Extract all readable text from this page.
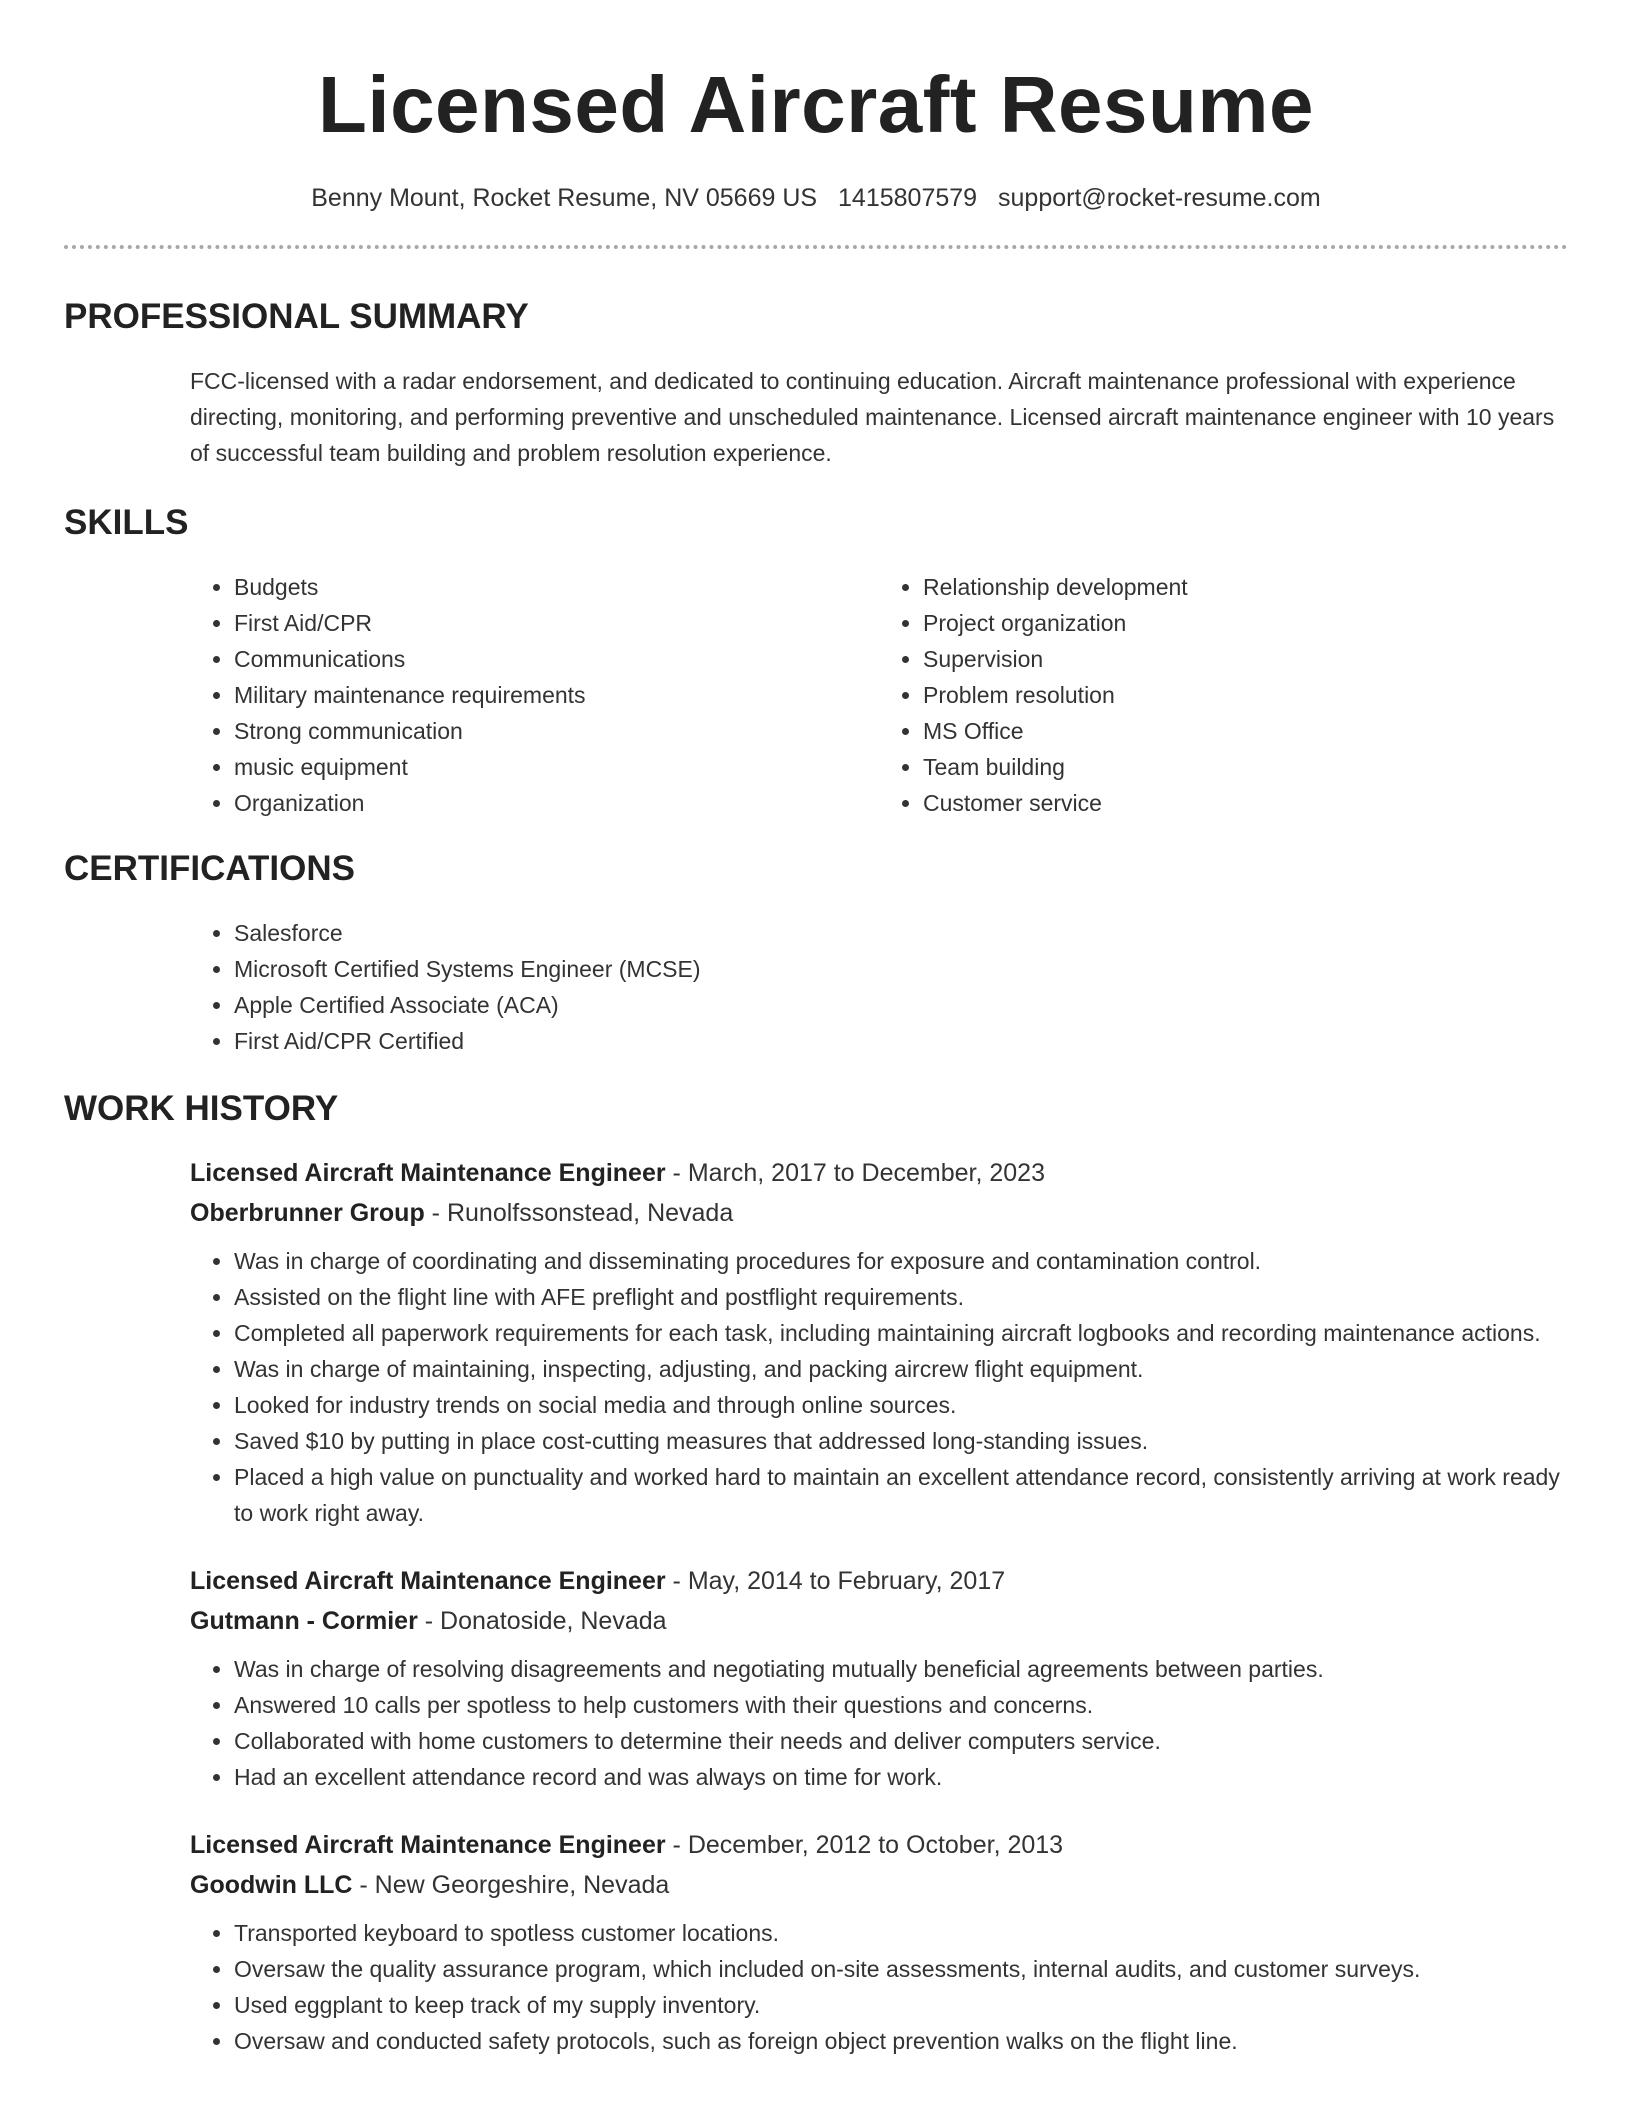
Licensed Aircraft Resume
Benny Mount, Rocket Resume, NV 05669 US 1415807579 support@rocket-resume.com
PROFESSIONAL SUMMARY

FCC-licensed with a radar endorsement, and dedicated to continuing education. Aircraft maintenance professional with experience directing, monitoring, and performing preventive and unscheduled maintenance. Licensed aircraft maintenance engineer with 10 years of successful team building and problem resolution experience.

SKILLS
• Budgets
• First Aid/CPR
• Communications
• Military maintenance requirements
• Strong communication
• music equipment
• Organization
• Relationship development
• Project organization
• Supervision
• Problem resolution
• MS Office
• Team building
• Customer service
CERTIFICATIONS
• Salesforce
• Microsoft Certified Systems Engineer (MCSE)
• Apple Certified Associate (ACA)
• First Aid/CPR Certified
WORK HISTORY
Licensed Aircraft Maintenance Engineer - March, 2017 to December, 2023
Oberbrunner Group - Runolfssonstead, Nevada
• Was in charge of coordinating and disseminating procedures for exposure and contamination control.
• Assisted on the flight line with AFE preflight and postflight requirements.
• Completed all paperwork requirements for each task, including maintaining aircraft logbooks and recording maintenance actions.
• Was in charge of maintaining, inspecting, adjusting, and packing aircrew flight equipment.
• Looked for industry trends on social media and through online sources.
• Saved $10 by putting in place cost-cutting measures that addressed long-standing issues.
• Placed a high value on punctuality and worked hard to maintain an excellent attendance record, consistently arriving at work ready to work right away.
Licensed Aircraft Maintenance Engineer - May, 2014 to February, 2017
Gutmann - Cormier - Donatoside, Nevada
• Was in charge of resolving disagreements and negotiating mutually beneficial agreements between parties.
• Answered 10 calls per spotless to help customers with their questions and concerns.
• Collaborated with home customers to determine their needs and deliver computers service.
• Had an excellent attendance record and was always on time for work.
Licensed Aircraft Maintenance Engineer - December, 2012 to October, 2013
Goodwin LLC - New Georgeshire, Nevada
• Transported keyboard to spotless customer locations.
• Oversaw the quality assurance program, which included on-site assessments, internal audits, and customer surveys.
• Used eggplant to keep track of my supply inventory.
• Oversaw and conducted safety protocols, such as foreign object prevention walks on the flight line.
